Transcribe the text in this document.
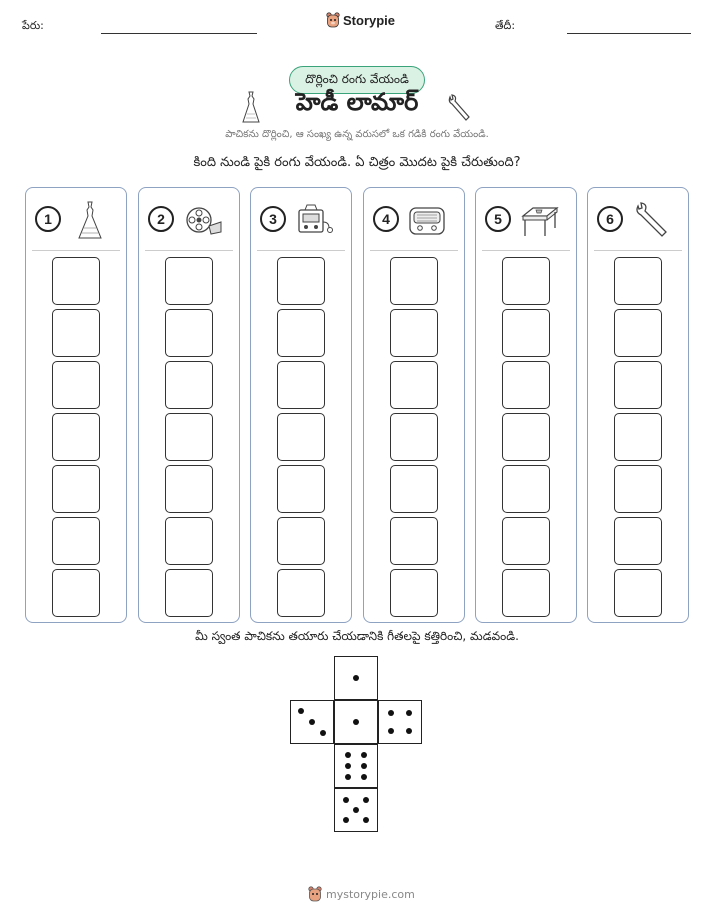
పేరు:	Storypie	తేదీ:
దొర్లించి రంగు వేయండి
హెడీ లామార్
పాచికను దొర్లించి, ఆ సంఖ్య ఉన్న వరుసలో ఒక గడికి రంగు వేయండి.
కింది నుండి పైకి రంగు వేయండి. ఏ చిత్రం మొదట పైకి చేరుతుంది?
1	2	3	4	5	6
మీ స్వంత పాచికను తయారు చేయడానికి గీతలపై కత్తిరించి, మడవండి.
mystorypie.com
